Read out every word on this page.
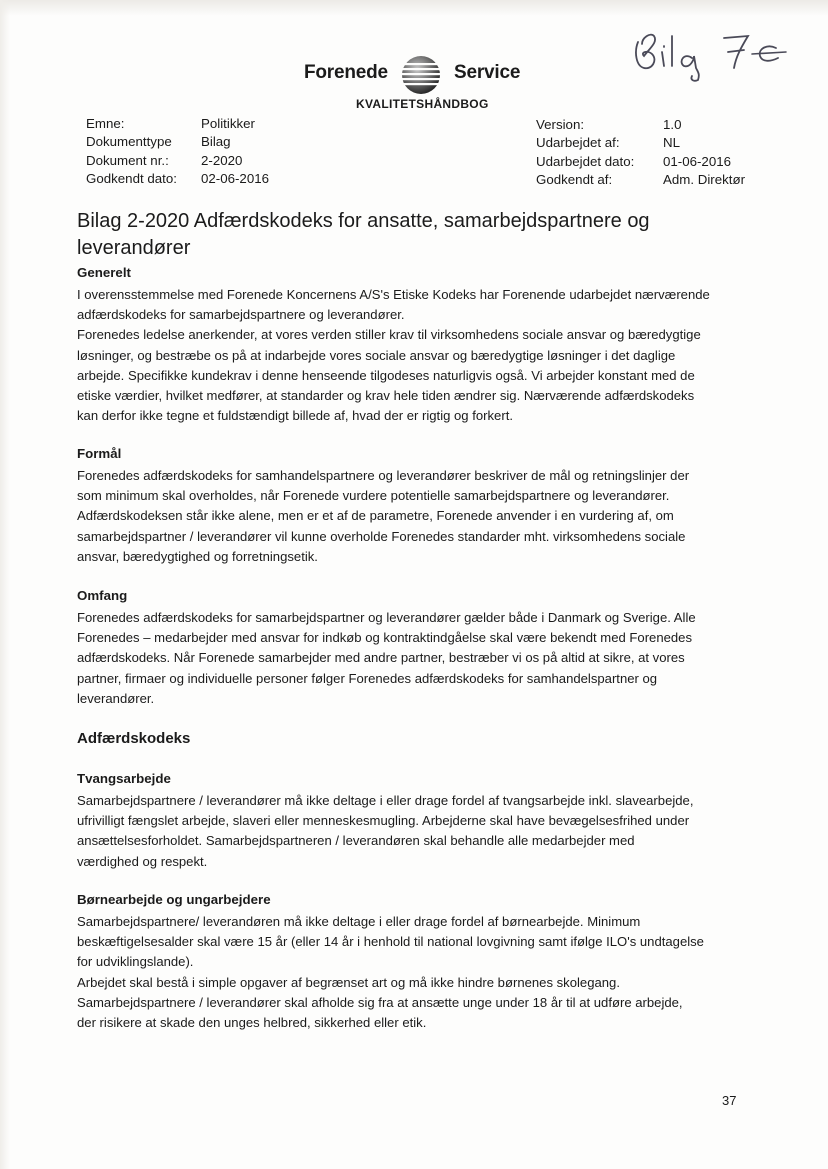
Forenede	Service
KVALITETSHÅNDBOG
Emne:	Politikker
Dokumenttype Bilag
Dokument nr.: 2-2020
Godkendt dato: 02-06-2016
Version:	1.0
Udarbejdet af:	NL
Udarbejdet dato: 01-06-2016
Godkendt af:	Adm. Direktør
Bilag 2-2020 Adfærdskodeks for ansatte, samarbejdspartnere og
leverandører
Generelt
I overensstemmelse med Forenede Koncernens A/S's Etiske Kodeks har Forenende udarbejdet nærværende
adfærdskodeks for samarbejdspartnere og leverandører.
Forenedes ledelse anerkender, at vores verden stiller krav til virksomhedens sociale ansvar og bæredygtige
løsninger, og bestræbe os på at indarbejde vores sociale ansvar og bæredygtige løsninger i det daglige
arbejde. Specifikke kundekrav i denne henseende tilgodeses naturligvis også. Vi arbejder konstant med de
etiske værdier, hvilket medfører, at standarder og krav hele tiden ændrer sig. Nærværende adfærdskodeks
kan derfor ikke tegne et fuldstændigt billede af, hvad der er rigtig og forkert.
Formål
Forenedes adfærdskodeks for samhandelspartnere og leverandører beskriver de mål og retningslinjer der
som minimum skal overholdes, når Forenede vurdere potentielle samarbejdspartnere og leverandører.
Adfærdskodeksen står ikke alene, men er et af de parametre, Forenede anvender i en vurdering af, om
samarbejdspartner / leverandører vil kunne overholde Forenedes standarder mht. virksomhedens sociale
ansvar, bæredygtighed og forretningsetik.
Omfang
Forenedes adfærdskodeks for samarbejdspartner og leverandører gælder både i Danmark og Sverige. Alle
Forenedes – medarbejder med ansvar for indkøb og kontraktindgåelse skal være bekendt med Forenedes
adfærdskodeks. Når Forenede samarbejder med andre partner, bestræber vi os på altid at sikre, at vores
partner, firmaer og individuelle personer følger Forenedes adfærdskodeks for samhandelspartner og
leverandører.
Adfærdskodeks
Tvangsarbejde
Samarbejdspartnere / leverandører må ikke deltage i eller drage fordel af tvangsarbejde inkl. slavearbejde,
ufrivilligt fængslet arbejde, slaveri eller menneskesmugling. Arbejderne skal have bevægelsesfrihed under
ansættelsesforholdet. Samarbejdspartneren / leverandøren skal behandle alle medarbejder med
værdighed og respekt.
Børnearbejde og ungarbejdere
Samarbejdspartnere/ leverandøren må ikke deltage i eller drage fordel af børnearbejde. Minimum
beskæftigelsesalder skal være 15 år (eller 14 år i henhold til national lovgivning samt ifølge ILO's undtagelse
for udviklingslande).
Arbejdet skal bestå i simple opgaver af begrænset art og må ikke hindre børnenes skolegang.
Samarbejdspartnere / leverandører skal afholde sig fra at ansætte unge under 18 år til at udføre arbejde,
der risikere at skade den unges helbred, sikkerhed eller etik.
37
